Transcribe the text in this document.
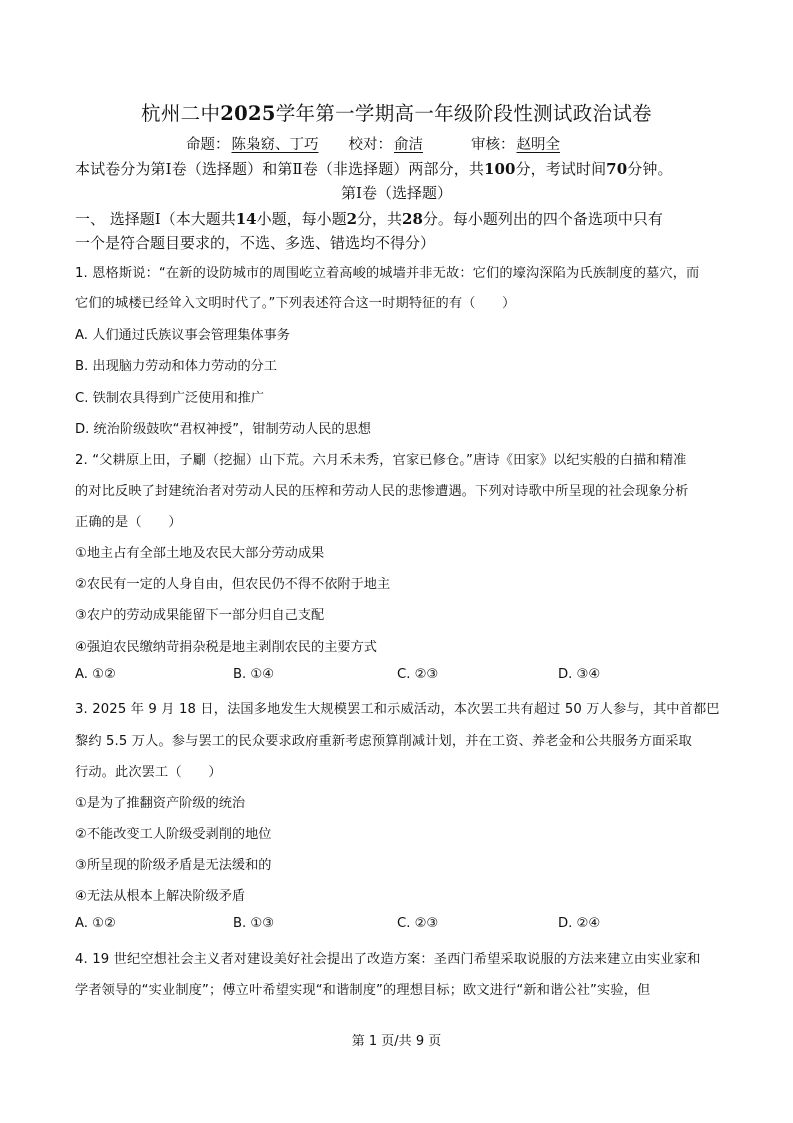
杭州二中2025学年第一学期高一年级阶段性测试政治试卷
命题： 陈枭窈、丁巧 校对： 俞洁	审核： 赵明全
本试卷分为第Ⅰ卷（选择题）和第Ⅱ卷（非选择题）两部分，共100分，考试时间70分钟。
第Ⅰ卷（选择题）
一、 选择题Ⅰ（本大题共14小题，每小题2分，共28分。每小题列出的四个备选项中只有
一个是符合题目要求的，不选、多选、错选均不得分）
1. 恩格斯说：“在新的设防城市的周围屹立着高峻的城墙并非无故：它们的壕沟深陷为氏族制度的墓穴，而
它们的城楼已经耸入文明时代了。”下列表述符合这一时期特征的有（　　）
A. 人们通过氏族议事会管理集体事务
B. 出现脑力劳动和体力劳动的分工
C. 铁制农具得到广泛使用和推广
D. 统治阶级鼓吹“君权神授”，钳制劳动人民的思想
2. “父耕原上田，子劚（挖掘）山下荒。六月禾未秀，官家已修仓。”唐诗《田家》以纪实般的白描和精准
的对比反映了封建统治者对劳动人民的压榨和劳动人民的悲惨遭遇。下列对诗歌中所呈现的社会现象分析
正确的是（　　）
①地主占有全部土地及农民大部分劳动成果
②农民有一定的人身自由，但农民仍不得不依附于地主
③农户的劳动成果能留下一部分归自己支配
④强迫农民缴纳苛捐杂税是地主剥削农民的主要方式
A. ①②	B. ①④	C. ②③	D. ③④
3. 2025 年 9 月 18 日，法国多地发生大规模罢工和示威活动，本次罢工共有超过 50 万人参与，其中首都巴
黎约 5.5 万人。参与罢工的民众要求政府重新考虑预算削减计划，并在工资、养老金和公共服务方面采取
行动。此次罢工（　　）
①是为了推翻资产阶级的统治
②不能改变工人阶级受剥削的地位
③所呈现的阶级矛盾是无法缓和的
④无法从根本上解决阶级矛盾
A. ①②	B. ①③	C. ②③	D. ②④
4. 19 世纪空想社会主义者对建设美好社会提出了改造方案：圣西门希望采取说服的方法来建立由实业家和
学者领导的“实业制度”；傅立叶希望实现“和谐制度”的理想目标；欧文进行“新和谐公社”实验，但
第 1 页/共 9 页
